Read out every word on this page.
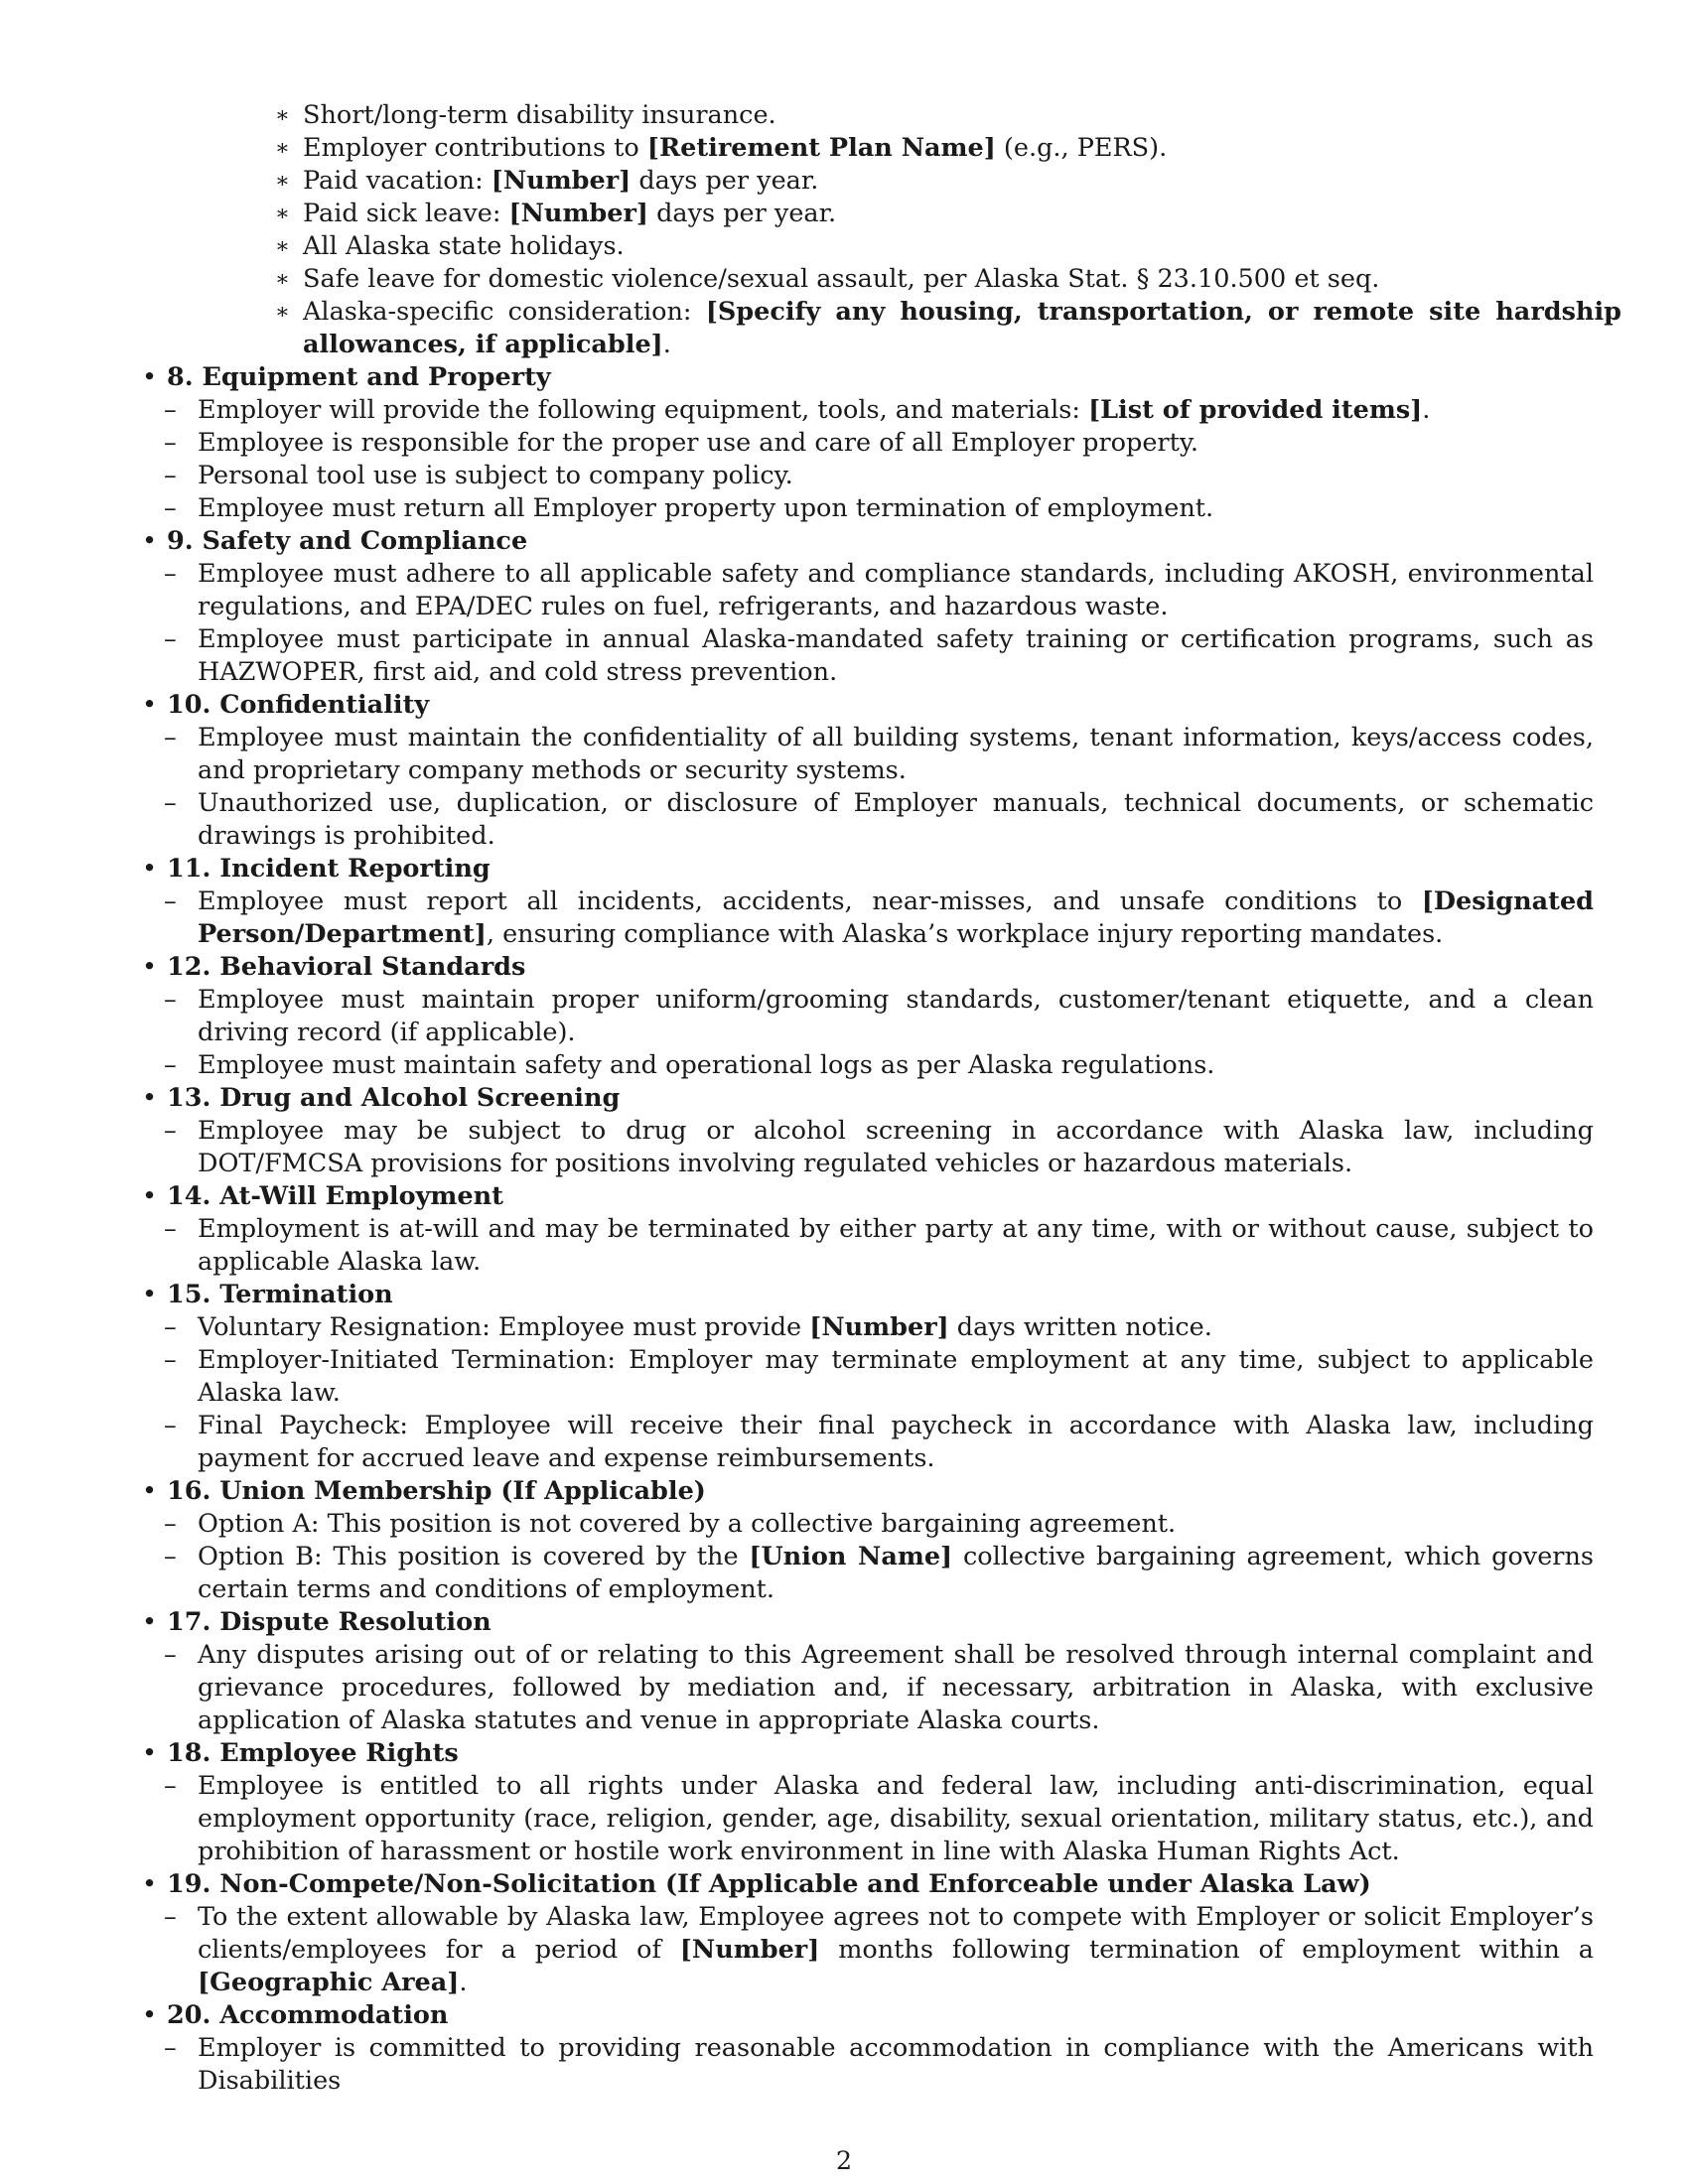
∗ Short/long-term disability insurance.
∗ Employer contributions to [Retirement Plan Name] (e.g., PERS).
∗ Paid vacation: [Number] days per year.
∗ Paid sick leave: [Number] days per year.
∗ All Alaska state holidays.
∗ Safe leave for domestic violence/sexual assault, per Alaska Stat. § 23.10.500 et seq.
∗ Alaska-specific consideration: [Specify any housing, transportation, or remote site hardship allowances, if applicable].
• 8. Equipment and Property
– Employer will provide the following equipment, tools, and materials: [List of provided items].
– Employee is responsible for the proper use and care of all Employer property.
– Personal tool use is subject to company policy.
– Employee must return all Employer property upon termination of employment.
• 9. Safety and Compliance
– Employee must adhere to all applicable safety and compliance standards, including AKOSH, environmental regulations, and EPA/DEC rules on fuel, refrigerants, and hazardous waste.
– Employee must participate in annual Alaska-mandated safety training or certification programs, such as HAZWOPER, first aid, and cold stress prevention.
• 10. Confidentiality
– Employee must maintain the confidentiality of all building systems, tenant information, keys/access codes, and proprietary company methods or security systems.
– Unauthorized use, duplication, or disclosure of Employer manuals, technical documents, or schematic drawings is prohibited.
• 11. Incident Reporting
– Employee must report all incidents, accidents, near-misses, and unsafe conditions to [Designated Person/Department], ensuring compliance with Alaska’s workplace injury reporting mandates.
• 12. Behavioral Standards
– Employee must maintain proper uniform/grooming standards, customer/tenant etiquette, and a clean driving record (if applicable).
– Employee must maintain safety and operational logs as per Alaska regulations.
• 13. Drug and Alcohol Screening
– Employee may be subject to drug or alcohol screening in accordance with Alaska law, including DOT/FMCSA provisions for positions involving regulated vehicles or hazardous materials.
• 14. At-Will Employment
– Employment is at-will and may be terminated by either party at any time, with or without cause, subject to applicable Alaska law.
• 15. Termination
– Voluntary Resignation: Employee must provide [Number] days written notice.
– Employer-Initiated Termination: Employer may terminate employment at any time, subject to applicable Alaska law.
– Final Paycheck: Employee will receive their final paycheck in accordance with Alaska law, including payment for accrued leave and expense reimbursements.
• 16. Union Membership (If Applicable)
– Option A: This position is not covered by a collective bargaining agreement.
– Option B: This position is covered by the [Union Name] collective bargaining agreement, which governs certain terms and conditions of employment.
• 17. Dispute Resolution
– Any disputes arising out of or relating to this Agreement shall be resolved through internal complaint and grievance procedures, followed by mediation and, if necessary, arbitration in Alaska, with exclusive application of Alaska statutes and venue in appropriate Alaska courts.
• 18. Employee Rights
– Employee is entitled to all rights under Alaska and federal law, including anti-discrimination, equal employment opportunity (race, religion, gender, age, disability, sexual orientation, military status, etc.), and prohibition of harassment or hostile work environment in line with Alaska Human Rights Act.
• 19. Non-Compete/Non-Solicitation (If Applicable and Enforceable under Alaska Law)
– To the extent allowable by Alaska law, Employee agrees not to compete with Employer or solicit Employer’s clients/employees for a period of [Number] months following termination of employment within a [Geographic Area].
• 20. Accommodation
– Employer is committed to providing reasonable accommodation in compliance with the Americans with Disabilities
2
